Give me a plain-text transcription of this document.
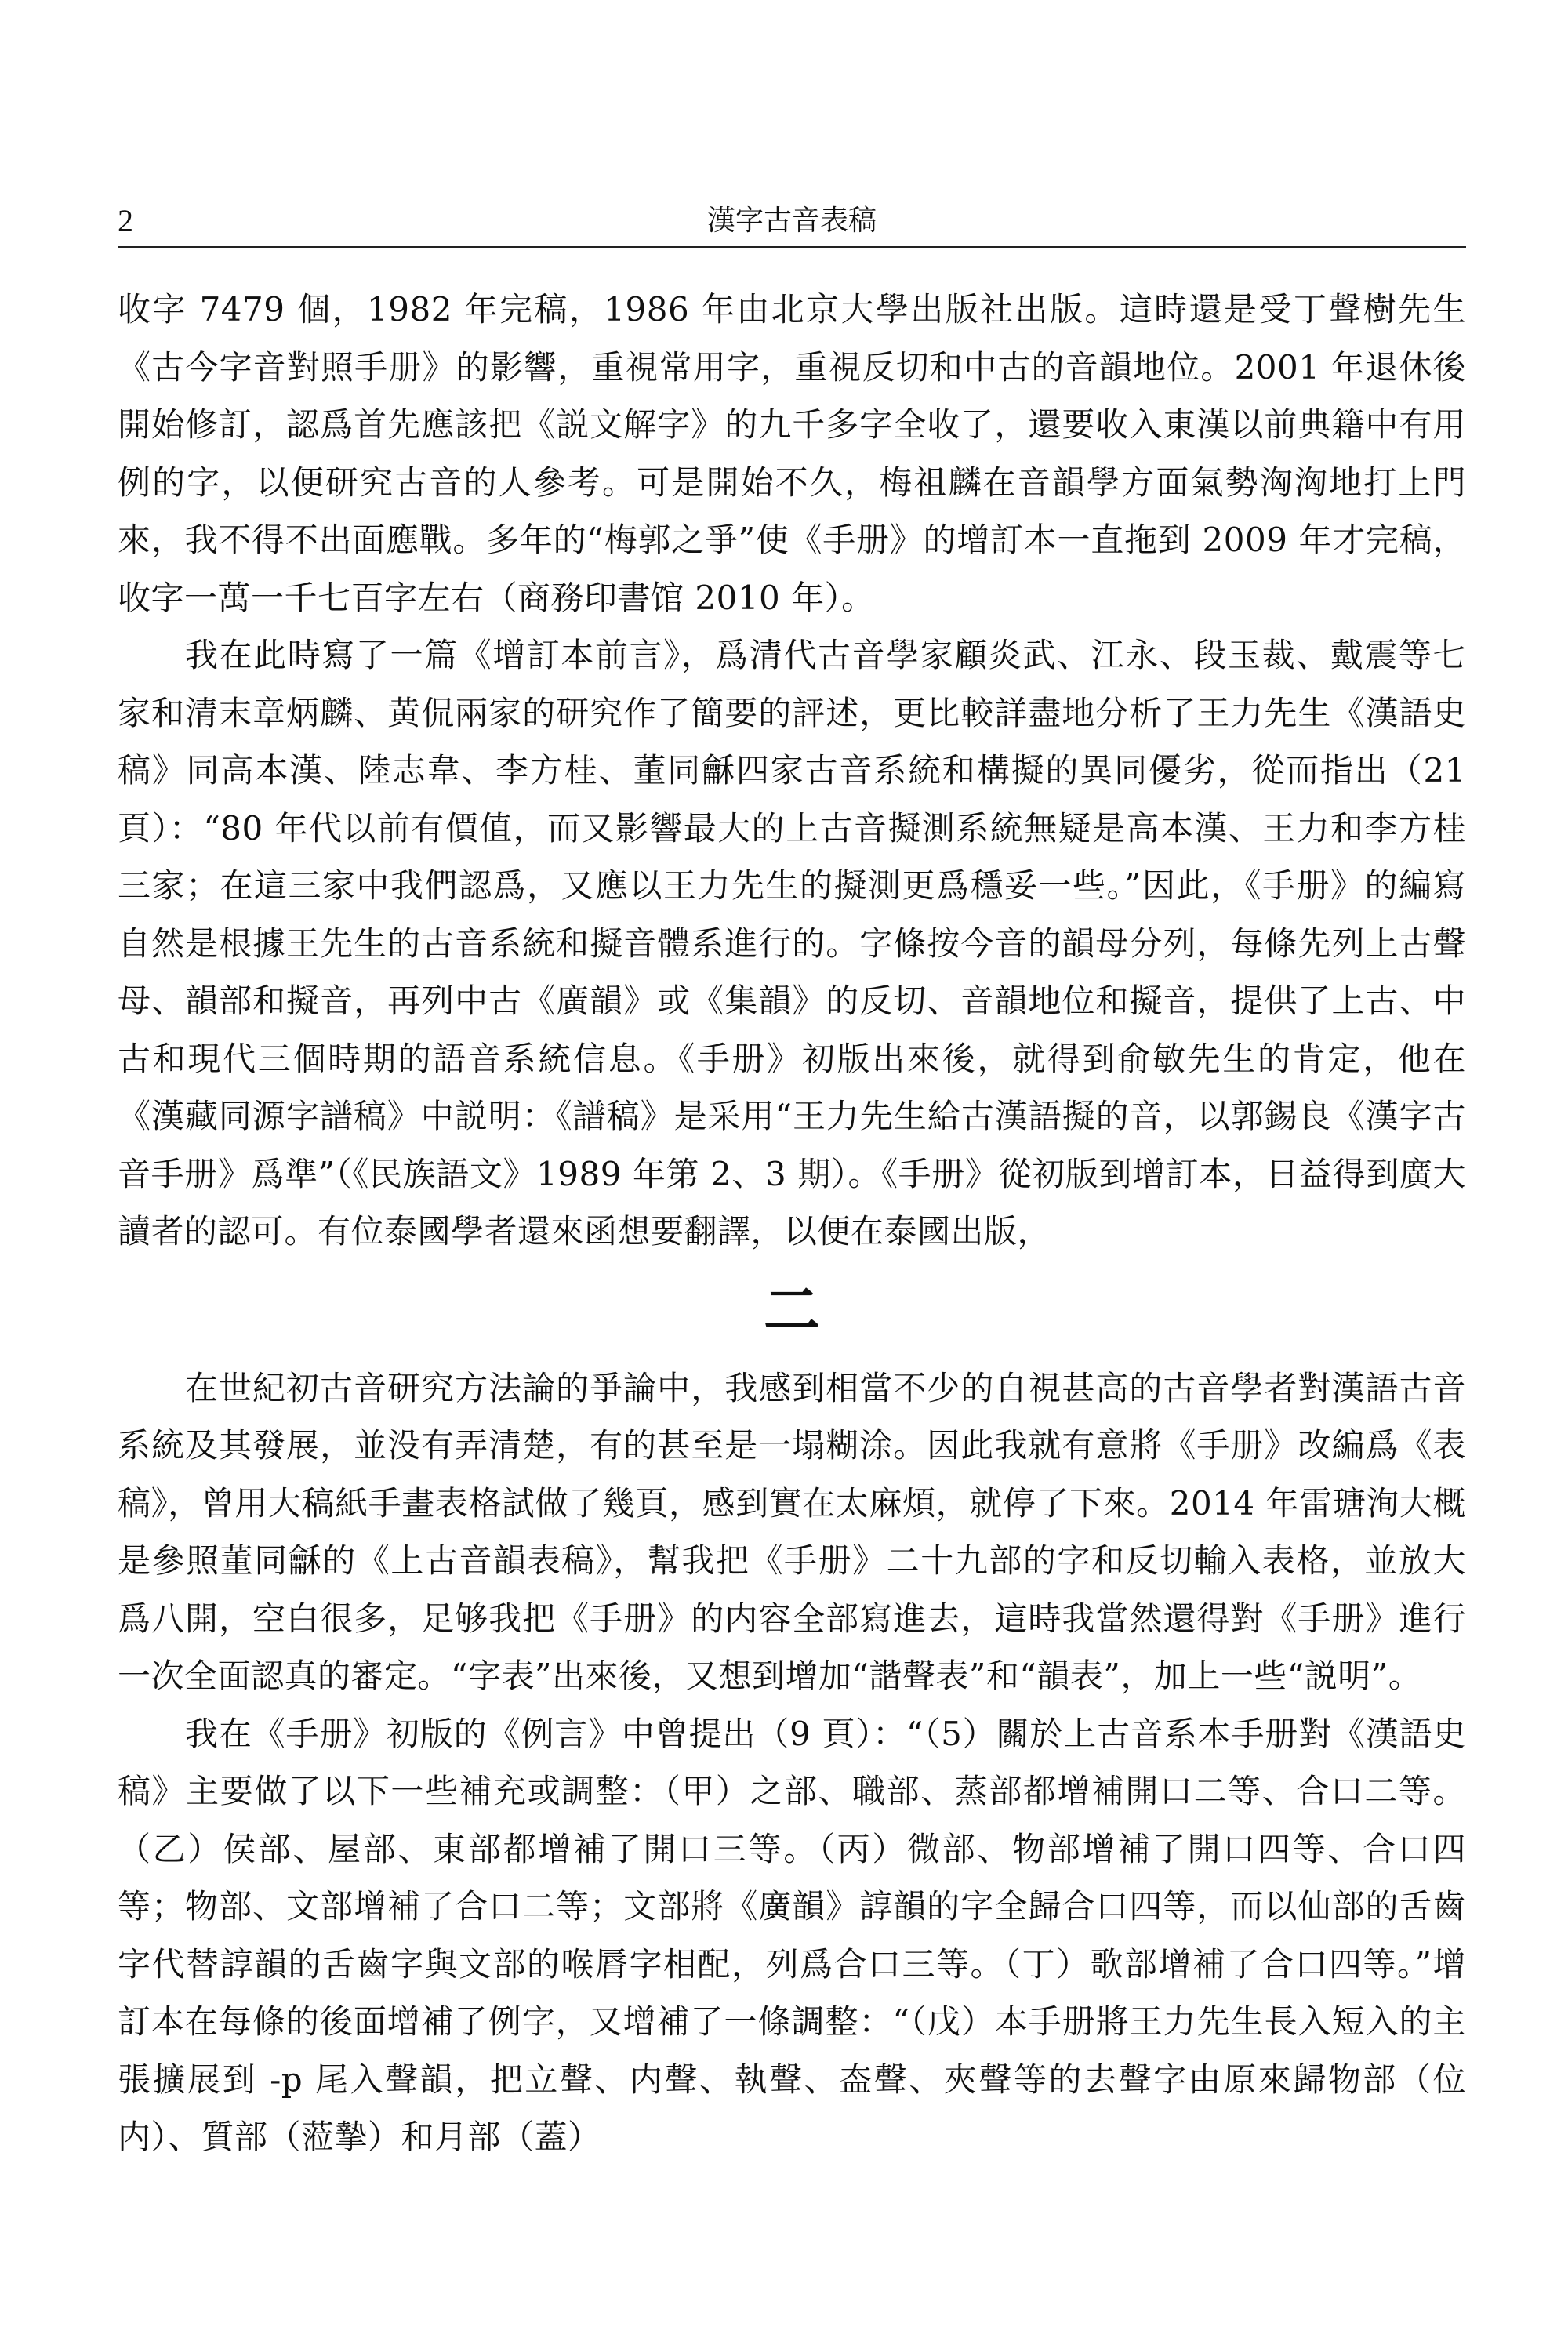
2	漢字古音表稿

收字 7479 個，1982 年完稿，1986 年由北京大學出版社出版。這時還是受丁聲樹先生《古今字音對照手册》的影響，重視常用字，重視反切和中古的音韻地位。2001 年退休後開始修訂，認爲首先應該把《説文解字》的九千多字全收了，還要收入東漢以前典籍中有用例的字，以便研究古音的人參考。可是開始不久，梅祖麟在音韻學方面氣勢洶洶地打上門來，我不得不出面應戰。多年的“梅郭之爭”使《手册》的增訂本一直拖到 2009 年才完稿，收字一萬一千七百字左右（商務印書馆 2010 年）。

我在此時寫了一篇《增訂本前言》，爲清代古音學家顧炎武、江永、段玉裁、戴震等七家和清末章炳麟、黄侃兩家的研究作了簡要的評述，更比較詳盡地分析了王力先生《漢語史稿》同高本漢、陸志韋、李方桂、董同龢四家古音系統和構擬的異同優劣，從而指出（21 頁）：“80 年代以前有價值，而又影響最大的上古音擬測系統無疑是高本漢、王力和李方桂三家；在這三家中我們認爲，又應以王力先生的擬測更爲穩妥一些。”因此，《手册》的編寫自然是根據王先生的古音系統和擬音體系進行的。字條按今音的韻母分列，每條先列上古聲母、韻部和擬音，再列中古《廣韻》或《集韻》的反切、音韻地位和擬音，提供了上古、中古和現代三個時期的語音系統信息。《手册》初版出來後，就得到俞敏先生的肯定，他在《漢藏同源字譜稿》中説明：《譜稿》是采用“王力先生給古漢語擬的音，以郭錫良《漢字古音手册》爲準”（《民族語文》1989 年第 2、3 期）。《手册》從初版到增訂本，日益得到廣大讀者的認可。有位泰國學者還來函想要翻譯，以便在泰國出版，

二

在世紀初古音研究方法論的爭論中，我感到相當不少的自視甚高的古音學者對漢語古音系統及其發展，並没有弄清楚，有的甚至是一塌糊涂。因此我就有意將《手册》改編爲《表稿》，曾用大稿紙手畫表格試做了幾頁，感到實在太麻煩，就停了下來。2014 年雷瑭洵大概是參照董同龢的《上古音韻表稿》，幫我把《手册》二十九部的字和反切輸入表格，並放大爲八開，空白很多，足够我把《手册》的内容全部寫進去，這時我當然還得對《手册》進行一次全面認真的審定。“字表”出來後，又想到增加“諧聲表”和“韻表”，加上一些“説明”。

我在《手册》初版的《例言》中曾提出（9 頁）：“（5）關於上古音系本手册對《漢語史稿》主要做了以下一些補充或調整：（甲）之部、職部、蒸部都增補開口二等、合口二等。（乙）侯部、屋部、東部都增補了開口三等。（丙）微部、物部增補了開口四等、合口四等；物部、文部增補了合口二等；文部將《廣韻》諄韻的字全歸合口四等，而以仙部的舌齒字代替諄韻的舌齒字與文部的喉脣字相配，列爲合口三等。（丁）歌部增補了合口四等。”增訂本在每條的後面增補了例字，又增補了一條調整：“（戊）本手册將王力先生長入短入的主張擴展到 -p 尾入聲韻，把立聲、内聲、執聲、盇聲、夾聲等的去聲字由原來歸物部（位内）、質部（蒞摯）和月部（蓋）
